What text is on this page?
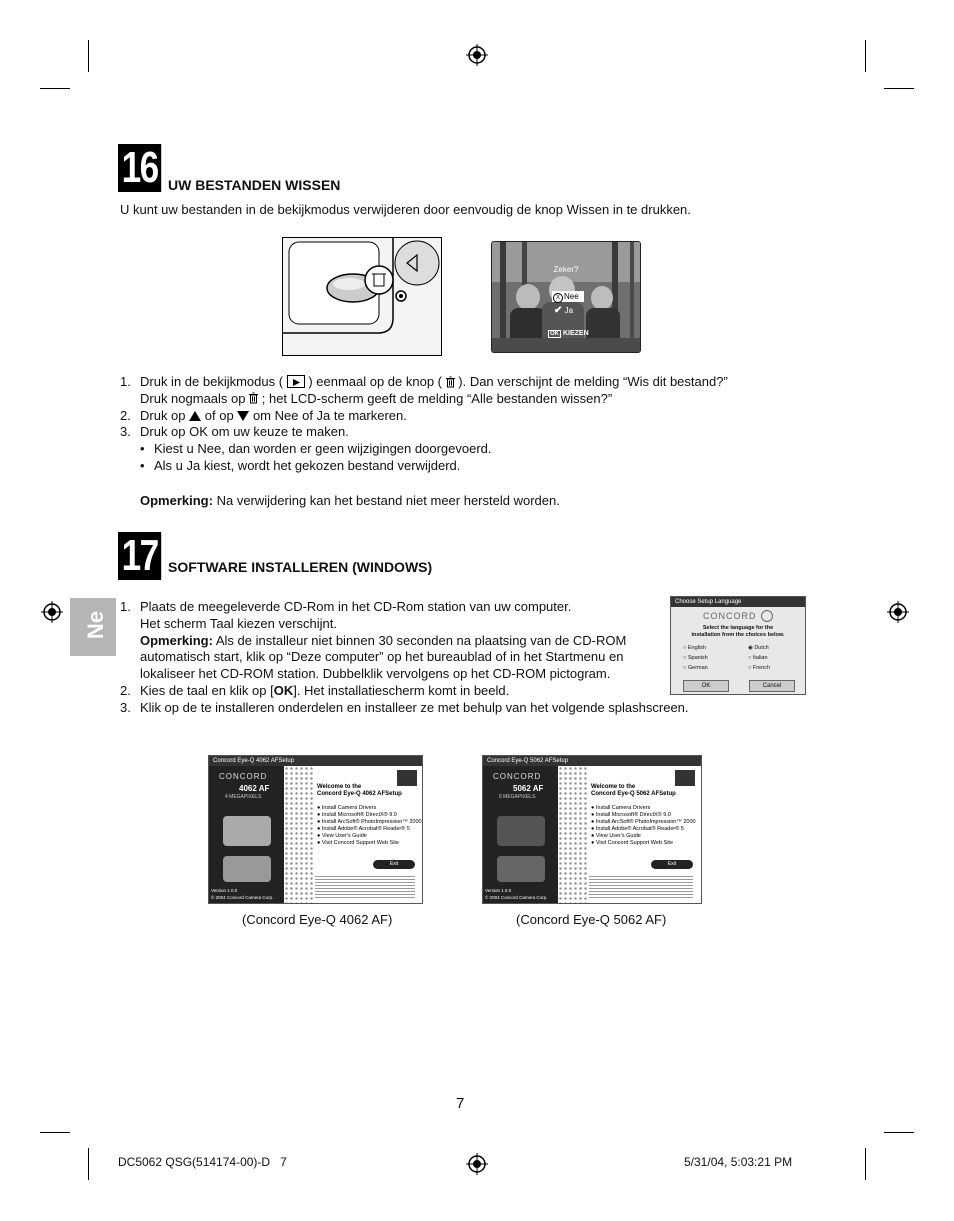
16 UW BESTANDEN WISSEN
U kunt uw bestanden in de bekijkmodus verwijderen door eenvoudig de knop Wissen in te drukken.
Zeker?
X Nee
✔ Ja
OK KIEZEN
1. Druk in de bekijkmodus ( ) eenmaal op de knop ( ). Dan verschijnt de melding “Wis dit bestand?”
Druk nogmaals op ; het LCD-scherm geeft de melding “Alle bestanden wissen?”
2. Druk op of op om Nee of Ja te markeren.
3. Druk op OK om uw keuze te maken.
• Kiest u Nee, dan worden er geen wijzigingen doorgevoerd.
• Als u Ja kiest, wordt het gekozen bestand verwijderd.
Opmerking: Na verwijdering kan het bestand niet meer hersteld worden.
17 SOFTWARE INSTALLEREN (WINDOWS)
Ne
1. Plaats de meegeleverde CD-Rom in het CD-Rom station van uw computer.
Het scherm Taal kiezen verschijnt.
Opmerking: Als de installeur niet binnen 30 seconden na plaatsing van de CD-ROM
automatisch start, klik op “Deze computer” op het bureaublad of in het Startmenu en
lokaliseer het CD-ROM station. Dubbelklik vervolgens op het CD-ROM pictogram.
2. Kies de taal en klik op [OK]. Het installatiescherm komt in beeld.
3. Klik op de te installeren onderdelen en installeer ze met behulp van het volgende splashscreen.
Choose Setup Language
CONCORD
Select the language for the
installation from the choices below.
○ English	◉ Dutch
○ Spanish	○ Italian
○ German	○ French
OK	Cancel
Concord Eye-Q 4062 AFSetup
CONCORD
4062 AF
4 MEGAPIXELS
Version 1.0.0
© 2004 Concord Camera Corp.
Welcome to the
Concord Eye-Q 4062 AFSetup

● Install Camera Drivers
● Install Microsoft® DirectX® 9.0
● Install ArcSoft® PhotoImpression™ 2000
● Install Adobe® Acrobat® Reader® 5
● View User's Guide
● Visit Concord Support Web Site
Exit
(Concord Eye-Q 4062 AF)
Concord Eye-Q 5062 AFSetup
CONCORD
5062 AF
5 MEGAPIXELS
Version 1.0.0
© 2004 Concord Camera Corp.
Welcome to the
Concord Eye-Q 5062 AFSetup

● Install Camera Drivers
● Install Microsoft® DirectX® 9.0
● Install ArcSoft® PhotoImpression™ 2000
● Install Adobe® Acrobat® Reader® 5
● View User's Guide
● Visit Concord Support Web Site
Exit
(Concord Eye-Q 5062 AF)
7
DC5062 QSG(514174-00)-D   7	5/31/04, 5:03:21 PM
